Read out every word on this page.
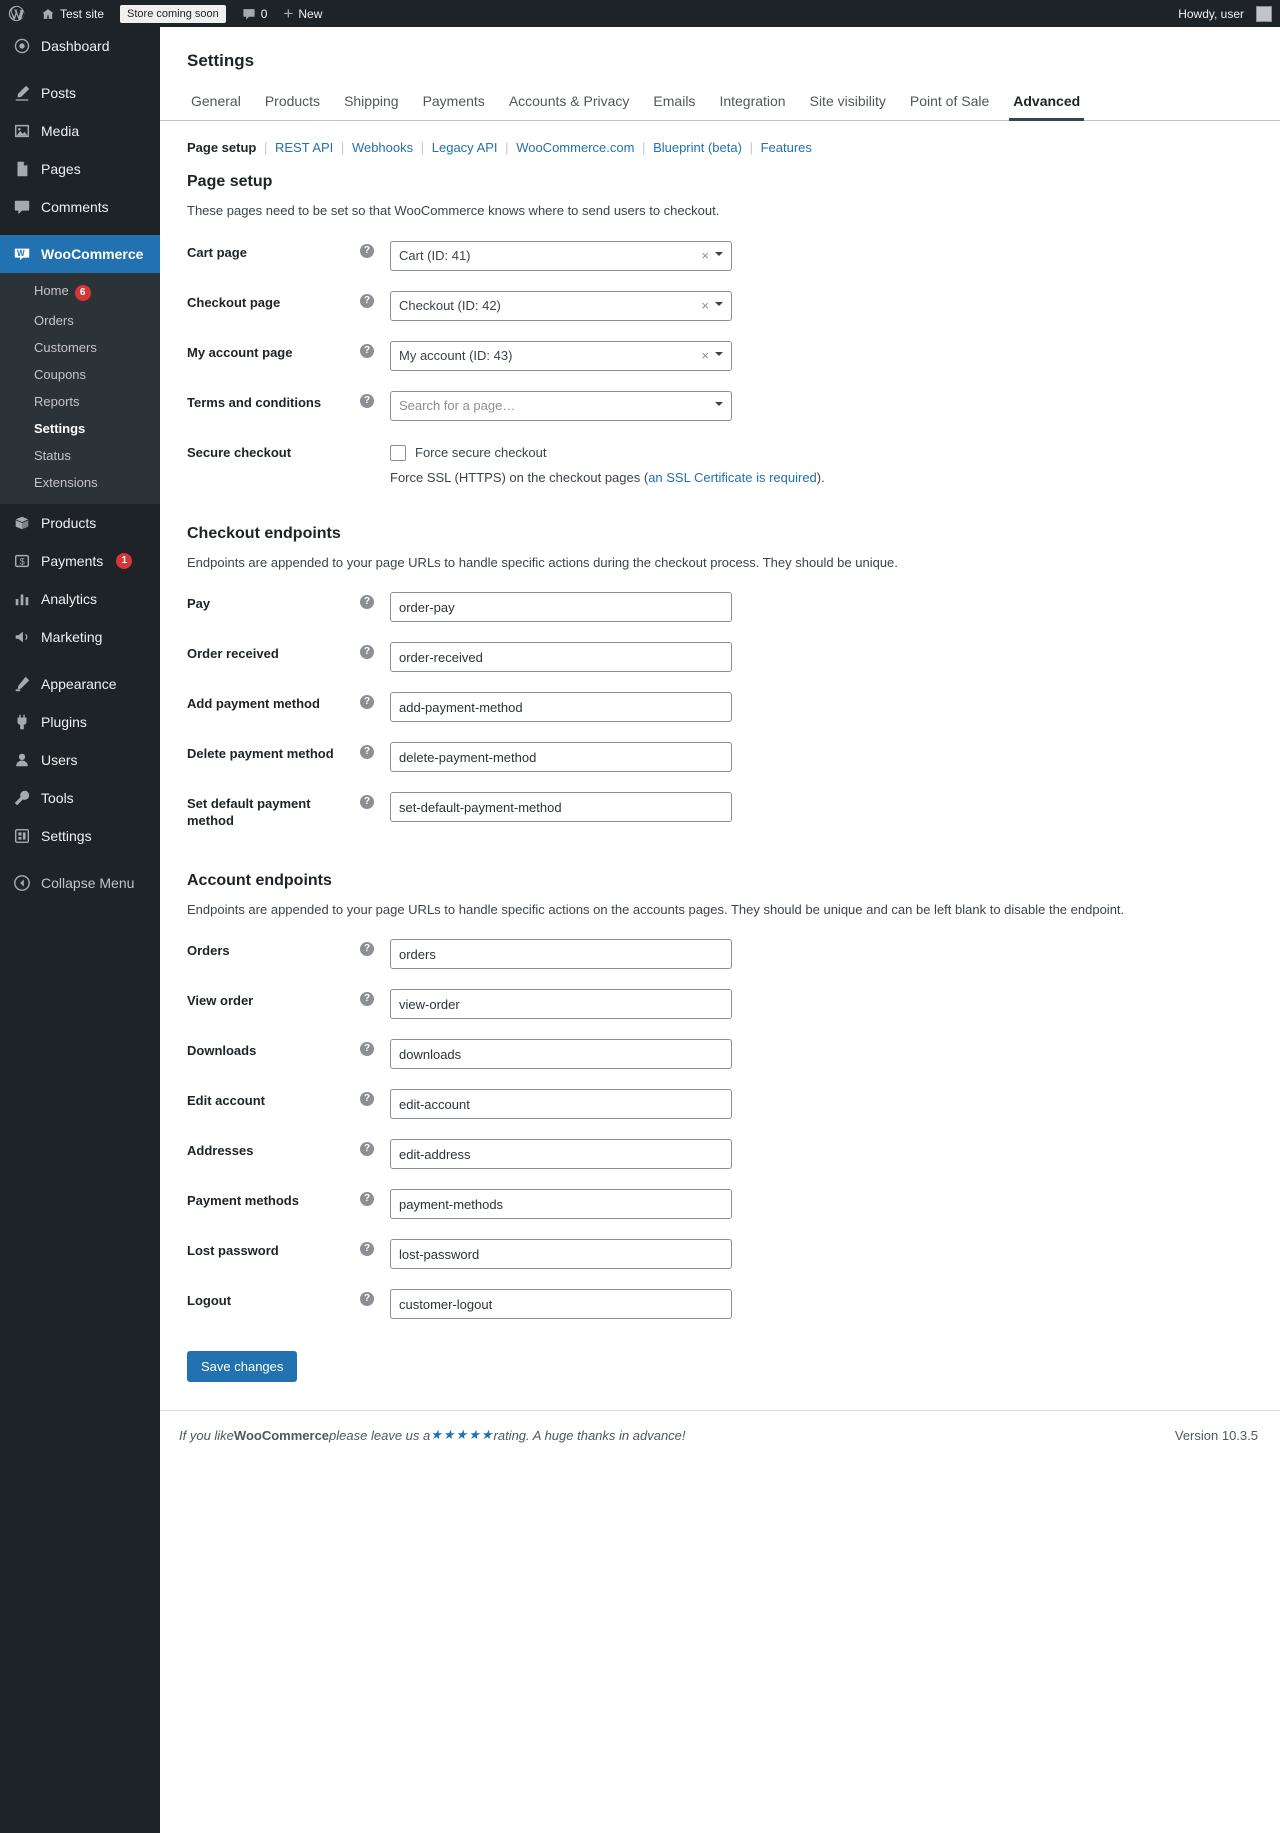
Test site	Store coming soon	0 + New	Howdy, user
Dashboard
Posts
Media
Pages
Comments
W WooCommerce
Home 6
Orders
Customers
Coupons
Reports
Settings
Status
Extensions
Products
$ Payments	1
Analytics
Marketing
Appearance
Plugins
Users
Tools
Settings
Collapse Menu
Settings
General	Products	Shipping	Payments	Accounts & Privacy	Emails	Integration	Site visibility	Point of Sale	Advanced
Page setup | REST API | Webhooks | Legacy API | WooCommerce.com | Blueprint (beta) | Features
Page setup

These pages need to be set so that WooCommerce knows where to send users to checkout.

Cart page	?	Cart (ID: 41) ×

Checkout page	?	Checkout (ID: 42) ×

My account page	?	My account (ID: 43) ×

Terms and conditions	?	Search for a page…

Secure checkout		Force secure checkout
Force SSL (HTTPS) on the checkout pages (an SSL Certificate is required).
Checkout endpoints

Endpoints are appended to your page URLs to handle specific actions during the checkout process. They should be unique.

Pay	?	order-pay
Order received	?	order-received
Add payment method	?	add-payment-method
Delete payment method	?	delete-payment-method
Set default payment method	?	set-default-payment-method
Account endpoints

Endpoints are appended to your page URLs to handle specific actions on the accounts pages. They should be unique and can be left blank to disable the endpoint.

Orders	?	orders
View order	?	view-order
Downloads	?	downloads
Edit account	?	edit-account
Addresses	?	edit-address
Payment methods	?	payment-methods
Lost password	?	lost-password
Logout	?	customer-logout
Save changes
If you like WooCommerce please leave us a ★★★★★ rating. A huge thanks in advance!	Version 10.3.5
